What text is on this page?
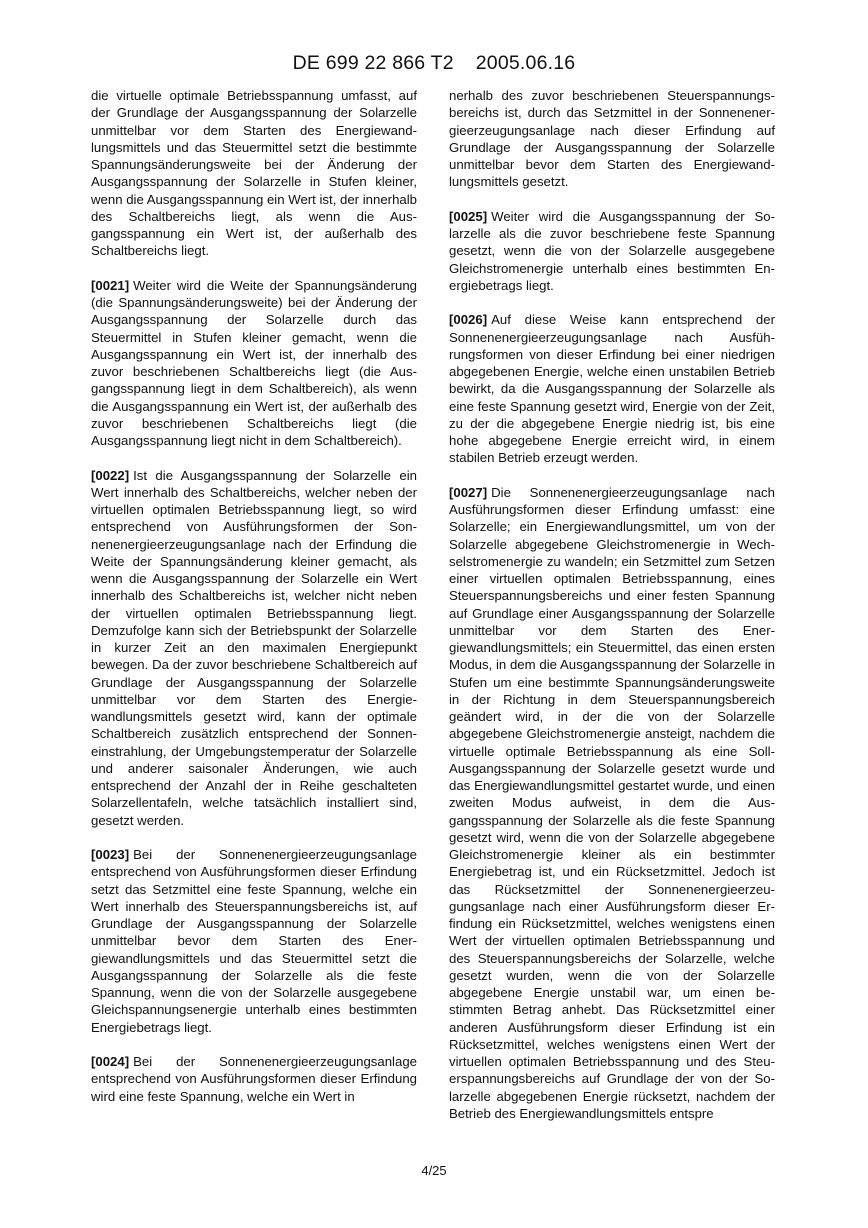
DE 699 22 866 T2 2005.06.16

die virtuelle optimale Betriebsspannung umfasst, auf der Grundlage der Ausgangsspannung der Solarzelle unmittelbar vor dem Starten des Energiewandlungsmittels und das Steuermittel setzt die bestimmte Spannungsänderungsweite bei der Änderung der Ausgangsspannung der Solarzelle in Stufen kleiner, wenn die Ausgangsspannung ein Wert ist, der innerhalb des Schaltbereichs liegt, als wenn die Ausgangsspannung ein Wert ist, der außerhalb des Schaltbereichs liegt.

[0021] Weiter wird die Weite der Spannungsänderung (die Spannungsänderungsweite) bei der Änderung der Ausgangsspannung der Solarzelle durch das Steuermittel in Stufen kleiner gemacht, wenn die Ausgangsspannung ein Wert ist, der innerhalb des zuvor beschriebenen Schaltbereichs liegt (die Ausgangsspannung liegt in dem Schaltbereich), als wenn die Ausgangsspannung ein Wert ist, der außerhalb des zuvor beschriebenen Schaltbereichs liegt (die Ausgangsspannung liegt nicht in dem Schaltbereich).

[0022] Ist die Ausgangsspannung der Solarzelle ein Wert innerhalb des Schaltbereichs, welcher neben der virtuellen optimalen Betriebsspannung liegt, so wird entsprechend von Ausführungsformen der Sonnenenergieerzeugungsanlage nach der Erfindung die Weite der Spannungsänderung kleiner gemacht, als wenn die Ausgangsspannung der Solarzelle ein Wert innerhalb des Schaltbereichs ist, welcher nicht neben der virtuellen optimalen Betriebsspannung liegt. Demzufolge kann sich der Betriebspunkt der Solarzelle in kurzer Zeit an den maximalen Energiepunkt bewegen. Da der zuvor beschriebene Schaltbereich auf Grundlage der Ausgangsspannung der Solarzelle unmittelbar vor dem Starten des Energiewandlungsmittels gesetzt wird, kann der optimale Schaltbereich zusätzlich entsprechend der Sonneneinstrahlung, der Umgebungstemperatur der Solarzelle und anderer saisonaler Änderungen, wie auch entsprechend der Anzahl der in Reihe geschalteten Solarzellentafeln, welche tatsächlich installiert sind, gesetzt werden.

[0023] Bei der Sonnenenergieerzeugungsanlage entsprechend von Ausführungsformen dieser Erfindung setzt das Setzmittel eine feste Spannung, welche ein Wert innerhalb des Steuerspannungsbereichs ist, auf Grundlage der Ausgangsspannung der Solarzelle unmittelbar bevor dem Starten des Energiewandlungsmittels und das Steuermittel setzt die Ausgangsspannung der Solarzelle als die feste Spannung, wenn die von der Solarzelle ausgegebene Gleichspannungsenergie unterhalb eines bestimmten Energiebetrags liegt.

[0024] Bei der Sonnenenergieerzeugungsanlage entsprechend von Ausführungsformen dieser Erfindung wird eine feste Spannung, welche ein Wert in

nerhalb des zuvor beschriebenen Steuerspannungsbereichs ist, durch das Setzmittel in der Sonnenenergieerzeugungsanlage nach dieser Erfindung auf Grundlage der Ausgangsspannung der Solarzelle unmittelbar bevor dem Starten des Energiewandlungsmittels gesetzt.

[0025] Weiter wird die Ausgangsspannung der Solarzelle als die zuvor beschriebene feste Spannung gesetzt, wenn die von der Solarzelle ausgegebene Gleichstromenergie unterhalb eines bestimmten Energiebetrags liegt.

[0026] Auf diese Weise kann entsprechend der Sonnenenergieerzeugungsanlage nach Ausführungsformen von dieser Erfindung bei einer niedrigen abgegebenen Energie, welche einen unstabilen Betrieb bewirkt, da die Ausgangsspannung der Solarzelle als eine feste Spannung gesetzt wird, Energie von der Zeit, zu der die abgegebene Energie niedrig ist, bis eine hohe abgegebene Energie erreicht wird, in einem stabilen Betrieb erzeugt werden.

[0027] Die Sonnenenergieerzeugungsanlage nach Ausführungsformen dieser Erfindung umfasst: eine Solarzelle; ein Energiewandlungsmittel, um von der Solarzelle abgegebene Gleichstromenergie in Wechselstromenergie zu wandeln; ein Setzmittel zum Setzen einer virtuellen optimalen Betriebsspannung, eines Steuerspannungsbereichs und einer festen Spannung auf Grundlage einer Ausgangsspannung der Solarzelle unmittelbar vor dem Starten des Energiewandlungsmittels; ein Steuermittel, das einen ersten Modus, in dem die Ausgangsspannung der Solarzelle in Stufen um eine bestimmte Spannungsänderungsweite in der Richtung in dem Steuerspannungsbereich geändert wird, in der die von der Solarzelle abgegebene Gleichstromenergie ansteigt, nachdem die virtuelle optimale Betriebsspannung als eine Soll-Ausgangsspannung der Solarzelle gesetzt wurde und das Energiewandlungsmittel gestartet wurde, und einen zweiten Modus aufweist, in dem die Ausgangsspannung der Solarzelle als die feste Spannung gesetzt wird, wenn die von der Solarzelle abgegebene Gleichstromenergie kleiner als ein bestimmter Energiebetrag ist, und ein Rücksetzmittel. Jedoch ist das Rücksetzmittel der Sonnenenergieerzeugungsanlage nach einer Ausführungsform dieser Erfindung ein Rücksetzmittel, welches wenigstens einen Wert der virtuellen optimalen Betriebsspannung und des Steuerspannungsbereichs der Solarzelle, welche gesetzt wurden, wenn die von der Solarzelle abgegebene Energie unstabil war, um einen bestimmten Betrag anhebt. Das Rücksetzmittel einer anderen Ausführungsform dieser Erfindung ist ein Rücksetzmittel, welches wenigstens einen Wert der virtuellen optimalen Betriebsspannung und des Steuerspannungsbereichs auf Grundlage der von der Solarzelle abgegebenen Energie rücksetzt, nachdem der Betrieb des Energiewandlungsmittels entspre

4/25
